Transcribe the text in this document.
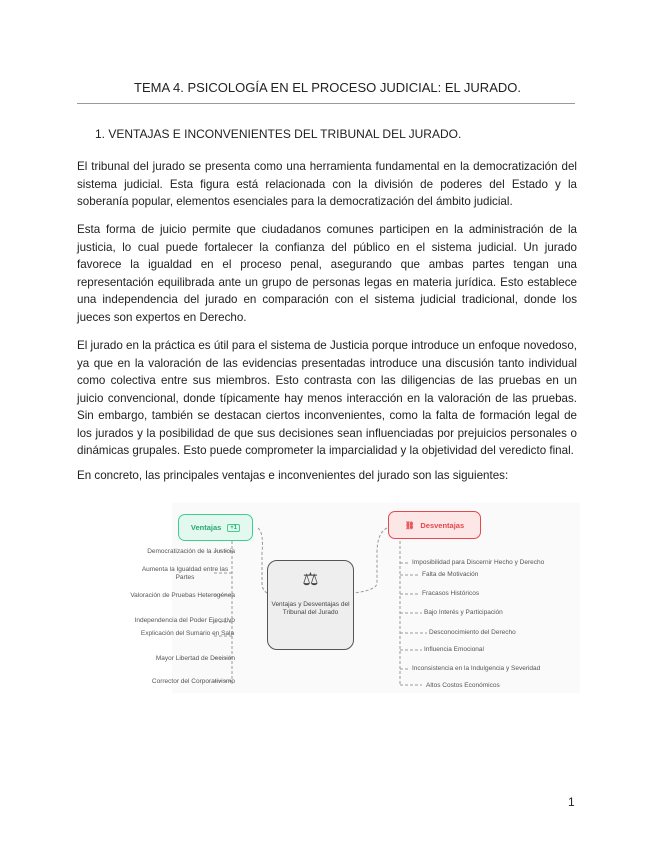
TEMA 4. PSICOLOGÍA EN EL PROCESO JUDICIAL: EL JURADO.
1. VENTAJAS E INCONVENIENTES DEL TRIBUNAL DEL JURADO.
El tribunal del jurado se presenta como una herramienta fundamental en la democratización del sistema judicial. Esta figura está relacionada con la división de poderes del Estado y la soberanía popular, elementos esenciales para la democratización del ámbito judicial.
Esta forma de juicio permite que ciudadanos comunes participen en la administración de la justicia, lo cual puede fortalecer la confianza del público en el sistema judicial. Un jurado favorece la igualdad en el proceso penal, asegurando que ambas partes tengan una representación equilibrada ante un grupo de personas legas en materia jurídica. Esto establece una independencia del jurado en comparación con el sistema judicial tradicional, donde los jueces son expertos en Derecho.
El jurado en la práctica es útil para el sistema de Justicia porque introduce un enfoque novedoso, ya que en la valoración de las evidencias presentadas introduce una discusión tanto individual como colectiva entre sus miembros. Esto contrasta con las diligencias de las pruebas en un juicio convencional, donde típicamente hay menos interacción en la valoración de las pruebas. Sin embargo, también se destacan ciertos inconvenientes, como la falta de formación legal de los jurados y la posibilidad de que sus decisiones sean influenciadas por prejuicios personales o dinámicas grupales. Esto puede comprometer la imparcialidad y la objetividad del veredicto final.
En concreto, las principales ventajas e inconvenientes del jurado son las siguientes:
Ventajas	+1	⛓ Desventajas
⚖
Ventajas y Desventajas del Tribunal del Jurado
Democratización de la Justicia
Aumenta la Igualdad entre las Partes
Valoración de Pruebas Heterogénea
Independencia del Poder Ejecutivo
Explicación del Sumario en Sala
Mayor Libertad de Decisión
Corrector del Corporativismo
Imposibilidad para Discernir Hecho y Derecho
Falta de Motivación
Fracasos Históricos
Bajo Interés y Participación
Desconocimiento del Derecho
Influencia Emocional
Inconsistencia en la Indulgencia y Severidad
Altos Costos Económicos
1
